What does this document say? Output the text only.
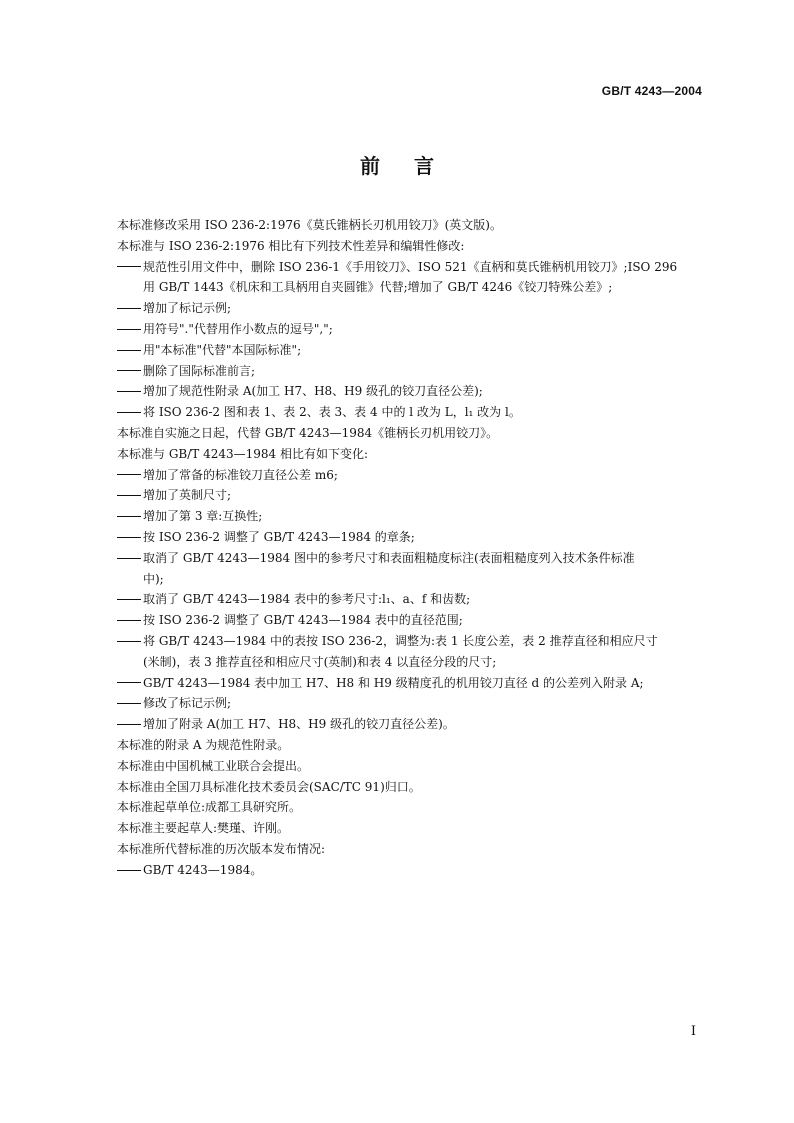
GB/T 4243—2004
前言

本标准修改采用 ISO 236-2:1976《莫氏锥柄长刃机用铰刀》(英文版)。

本标准与 ISO 236-2:1976 相比有下列技术性差异和编辑性修改:

规范性引用文件中，删除 ISO 236-1《手用铰刀》、ISO 521《直柄和莫氏锥柄机用铰刀》;ISO 296
用 GB/T 1443《机床和工具柄用自夹圆锥》代替;增加了 GB/T 4246《铰刀特殊公差》;
增加了标记示例;
用符号"."代替用作小数点的逗号",";
用"本标准"代替"本国际标准";
删除了国际标准前言;
增加了规范性附录 A(加工 H7、H8、H9 级孔的铰刀直径公差);
将 ISO 236-2 图和表 1、表 2、表 3、表 4 中的 l 改为 L，l₁ 改为 l。

本标准自实施之日起，代替 GB/T 4243—1984《锥柄长刃机用铰刀》。

本标准与 GB/T 4243—1984 相比有如下变化:

增加了常备的标准铰刀直径公差 m6;
增加了英制尺寸;
增加了第 3 章:互换性;
按 ISO 236-2 调整了 GB/T 4243—1984 的章条;
取消了 GB/T 4243—1984 图中的参考尺寸和表面粗糙度标注(表面粗糙度列入技术条件标准
中);
取消了 GB/T 4243—1984 表中的参考尺寸:l₁、a、f 和齿数;
按 ISO 236-2 调整了 GB/T 4243—1984 表中的直径范围;
将 GB/T 4243—1984 中的表按 ISO 236-2，调整为:表 1 长度公差，表 2 推荐直径和相应尺寸
(米制)，表 3 推荐直径和相应尺寸(英制)和表 4 以直径分段的尺寸;
GB/T 4243—1984 表中加工 H7、H8 和 H9 级精度孔的机用铰刀直径 d 的公差列入附录 A;
修改了标记示例;
增加了附录 A(加工 H7、H8、H9 级孔的铰刀直径公差)。

本标准的附录 A 为规范性附录。

本标准由中国机械工业联合会提出。

本标准由全国刀具标准化技术委员会(SAC/TC 91)归口。

本标准起草单位:成都工具研究所。

本标准主要起草人:樊瑾、许刚。

本标准所代替标准的历次版本发布情况:

GB/T 4243—1984。
I
